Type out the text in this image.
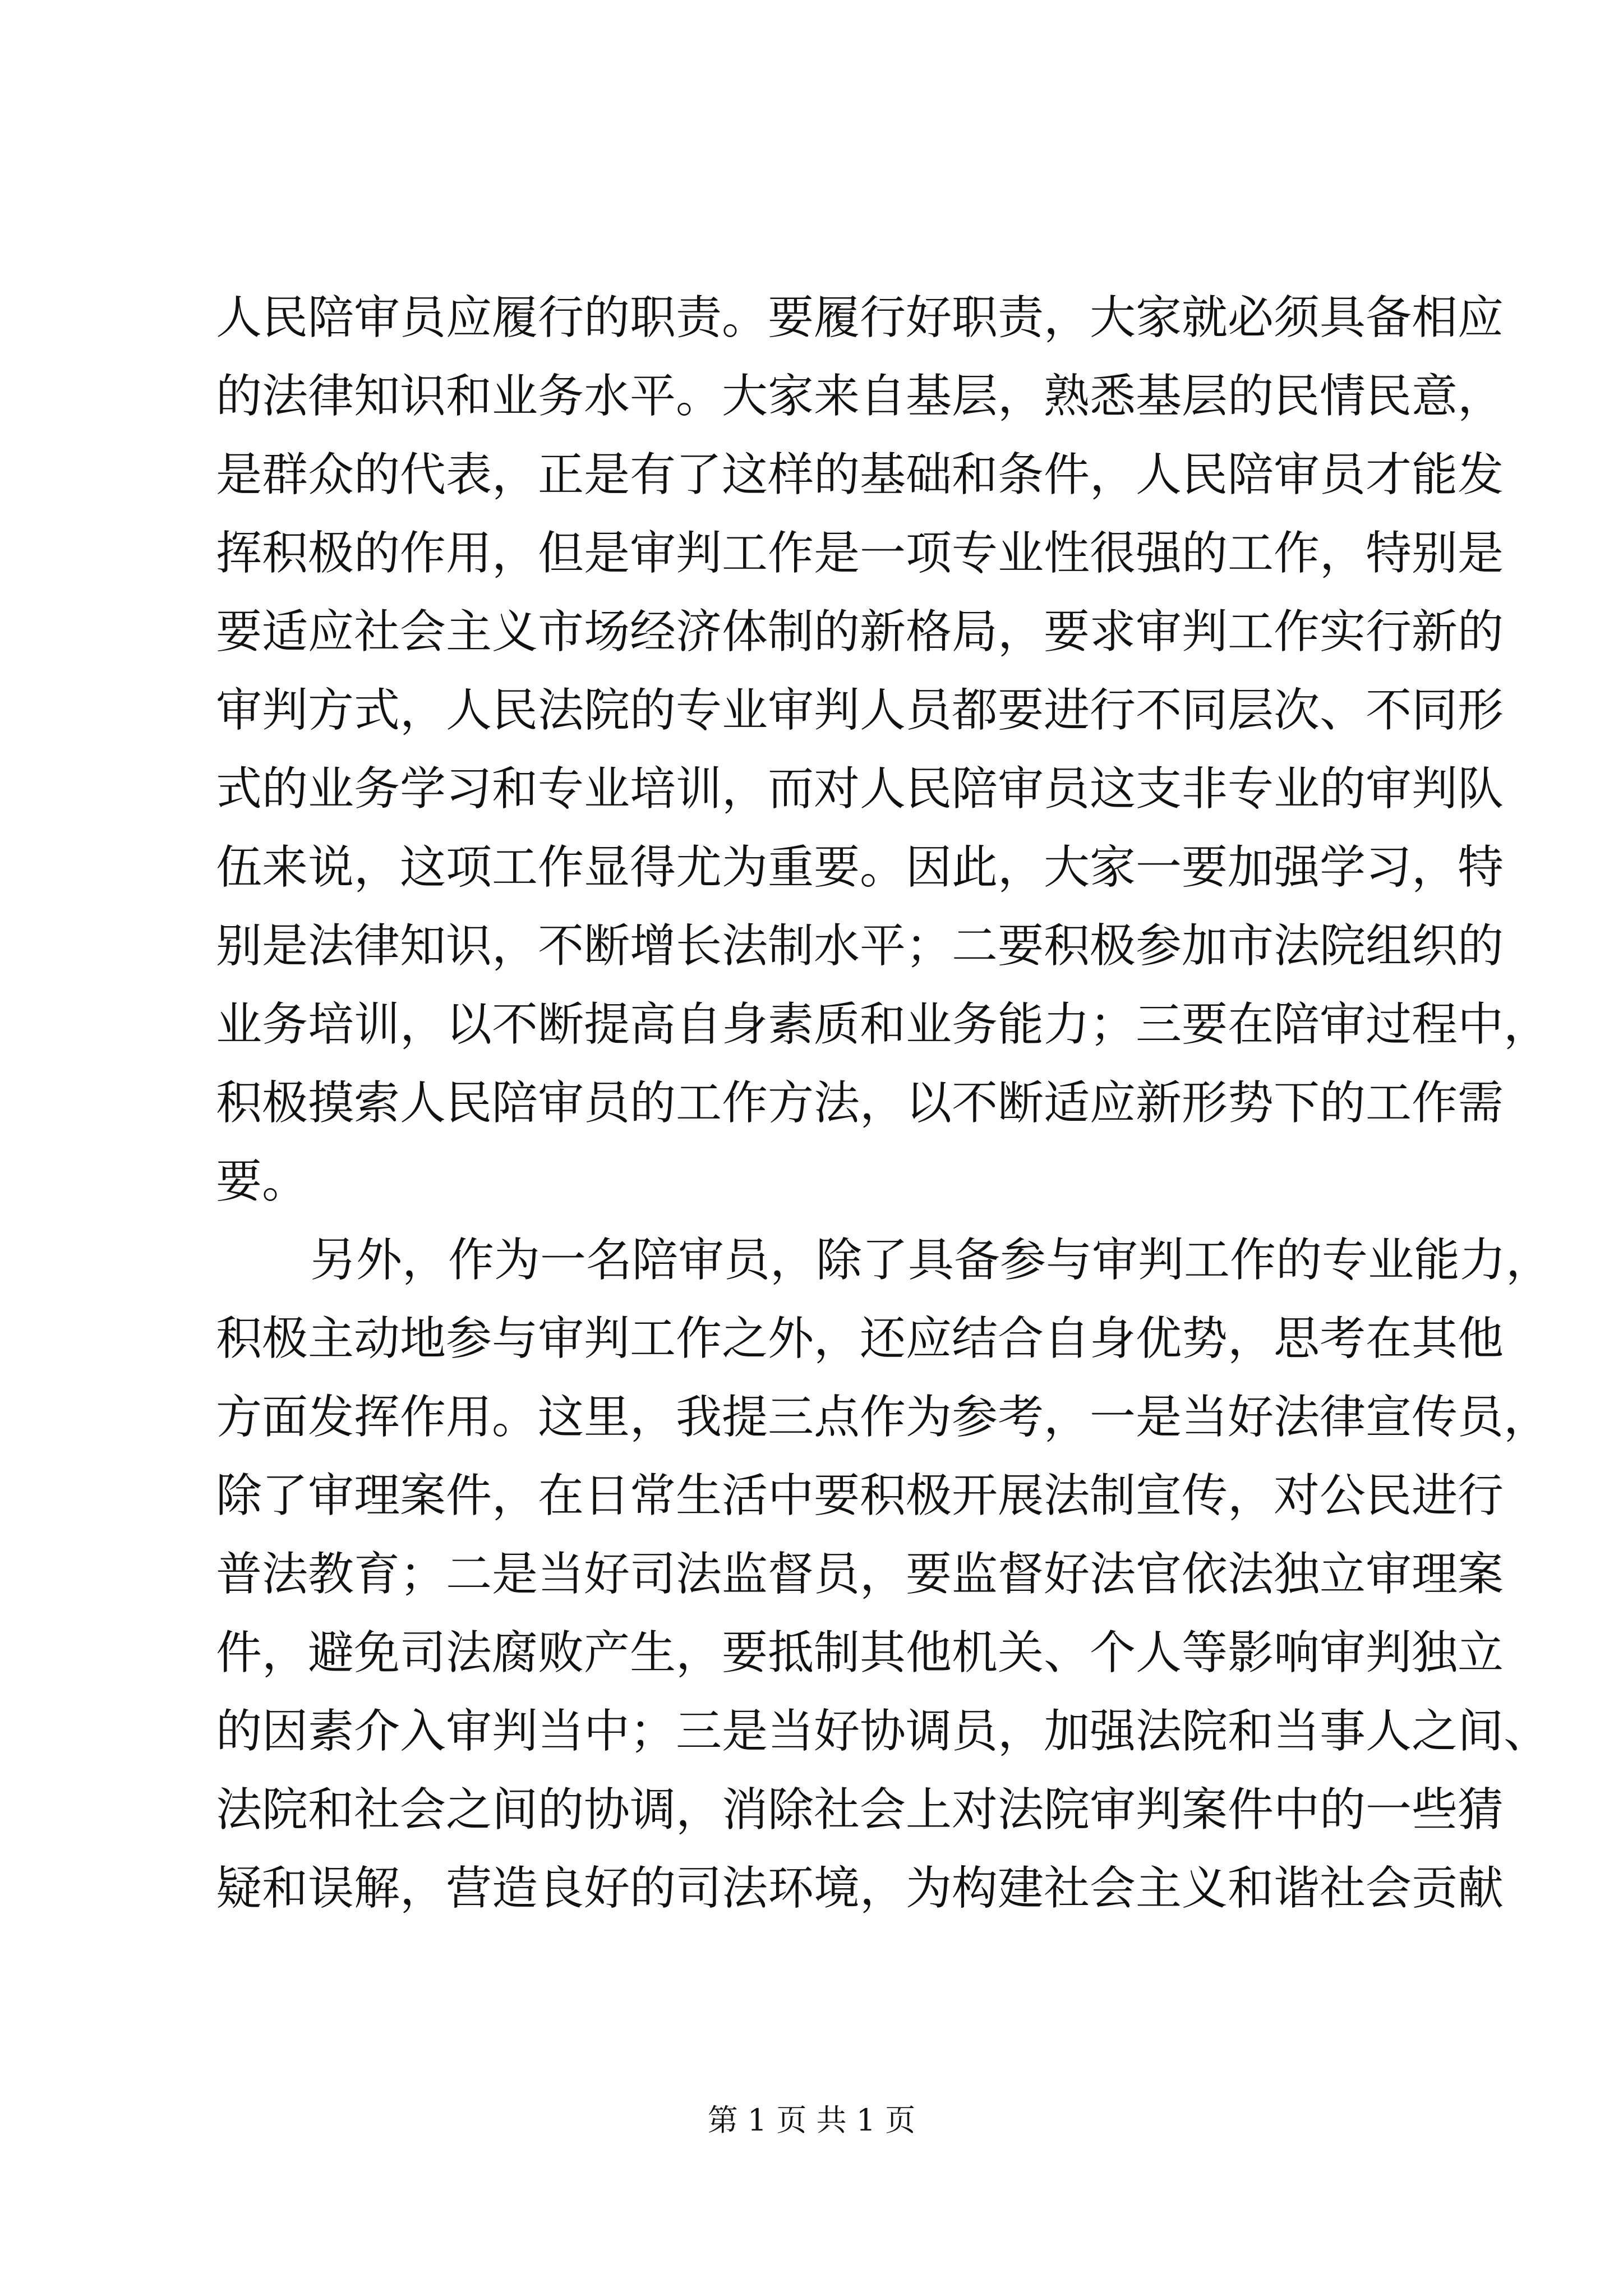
人民陪审员应履行的职责。要履行好职责，大家就必须具备相应
的法律知识和业务水平。大家来自基层，熟悉基层的民情民意，
是群众的代表，正是有了这样的基础和条件，人民陪审员才能发
挥积极的作用，但是审判工作是一项专业性很强的工作，特别是
要适应社会主义市场经济体制的新格局，要求审判工作实行新的
审判方式，人民法院的专业审判人员都要进行不同层次、不同形
式的业务学习和专业培训，而对人民陪审员这支非专业的审判队
伍来说，这项工作显得尤为重要。因此，大家一要加强学习，特
别是法律知识，不断增长法制水平；二要积极参加市法院组织的
业务培训，以不断提高自身素质和业务能力；三要在陪审过程中，
积极摸索人民陪审员的工作方法，以不断适应新形势下的工作需
要。
另外，作为一名陪审员，除了具备参与审判工作的专业能力，
积极主动地参与审判工作之外，还应结合自身优势，思考在其他
方面发挥作用。这里，我提三点作为参考，一是当好法律宣传员，
除了审理案件，在日常生活中要积极开展法制宣传，对公民进行
普法教育；二是当好司法监督员，要监督好法官依法独立审理案
件，避免司法腐败产生，要抵制其他机关、个人等影响审判独立
的因素介入审判当中；三是当好协调员，加强法院和当事人之间、
法院和社会之间的协调，消除社会上对法院审判案件中的一些猜
疑和误解，营造良好的司法环境，为构建社会主义和谐社会贡献
第 1 页 共 1 页
